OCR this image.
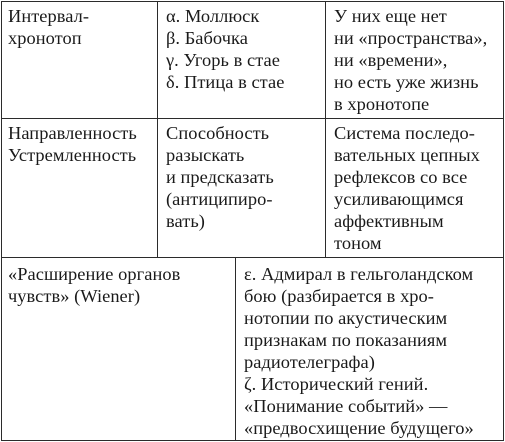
Интервал-
хронотоп
α. Моллюск
β. Бабочка
γ. Угорь в стае
δ. Птица в стае
У них еще нет
ни «пространства»,
ни «времени»,
но есть уже жизнь
в хронотопе
Направленность
Устремленность
Способность
разыскать
и предсказать
(антиципиро-
вать)
Система последо-
вательных цепных
рефлексов со все
усиливающимся
аффективным
тоном
«Расширение органов
чувств» (Wiener)
ε. Адмирал в гельголандском
бою (разбирается в хро-
нотопии по акустическим
признакам по показаниям
радиотелеграфа)
ζ. Исторический гений.
«Понимание событий» —
«предвосхищение будущего»
